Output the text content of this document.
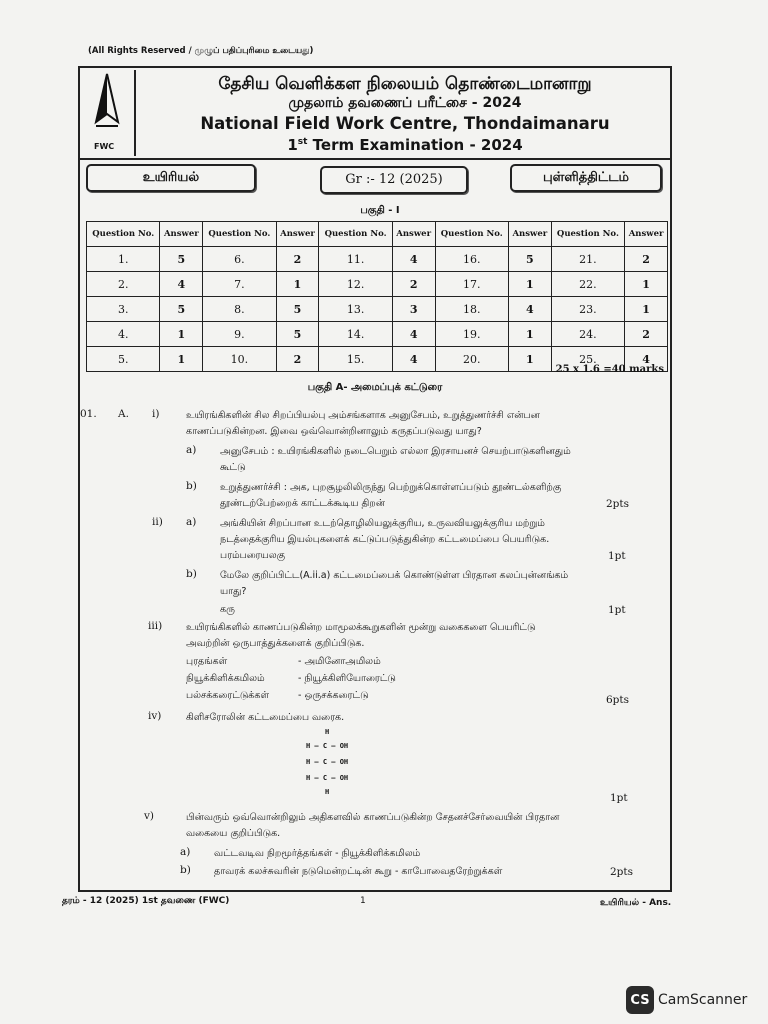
(All Rights Reserved / முழுப் பதிப்புரிமை உடையது)
FWC
தேசிய வெளிக்கள நிலையம் தொண்டைமானாறு
முதலாம் தவணைப் பரீட்சை - 2024
National Field Work Centre, Thondaimanaru
1st Term Examination - 2024
உயிரியல்	Gr :- 12 (2025)	புள்ளித்திட்டம்
பகுதி - I
Question No.	Answer	Question No.	Answer	Question No.	Answer	Question No.	Answer	Question No.	Answer
1.	5	6.	2	11.	4	16.	5	21.	2
2.	4	7.	1	12.	2	17.	1	22.	1
3.	5	8.	5	13.	3	18.	4	23.	1
4.	1	9.	5	14.	4	19.	1	24.	2
5.	1	10.	2	15.	4	20.	1	25.	4
25 x 1.6 =40 marks
பகுதி A- அமைப்புக் கட்டுரை
01. A. i)	உயிரங்கிகளின் சில சிறப்பியல்பு அம்சங்களாக அனுசேபம், உறுத்துணர்ச்சி என்பன
காணப்படுகின்றன. இவை ஒவ்வொன்றினாலும் கருதப்படுவது யாது?
a) அனுசேபம் : உயிரங்கிகளில் நடைபெறும் எல்லா இரசாயனச் செயற்பாடுகளினதும்
கூட்டு
b) உறுத்துணர்ச்சி : அக, புறசூழலிலிருந்து பெற்றுக்கொள்ளப்படும் தூண்டல்களிற்கு
தூண்டற்பேற்றைக் காட்டக்கூடிய திறன்	2pts
ii) a) அங்கியின் சிறப்பான உடற்தொழிலியலுக்குரிய, உருவவியலுக்குரிய மற்றும்
நடத்தைக்குரிய இயல்புகளைக் கட்டுப்படுத்துகின்ற கட்டமைப்பை பெயரிடுக.
பரம்பரையலகு	1pt
b) மேலே குறிப்பிட்ட(A.ii.a) கட்டமைப்பைக் கொண்டுள்ள பிரதான கலப்புன்னங்கம்
யாது?
கரு	1pt
iii)	உயிரங்கிகளில் காணப்படுகின்ற மாமூலக்கூறுகளின் மூன்று வகைகளை பெயரிட்டு
அவற்றின் ஒருபாத்துக்களைக் குறிப்பிடுக.
புரதங்கள்	- அமினோஅமிலம்
நியூக்கிளிக்கமிலம்	- நியூக்கிளியோரைட்டு
பல்சக்கரைட்டுக்கள்	- ஒருசக்கரைட்டு	6pts
iv)	கிளிசரோலின் கட்டமைப்பை வரைக.
H
H — C — OH
H — C — OH
H — C — OH
H	1pt
v)	பின்வரும் ஒவ்வொன்றிலும் அதிகளவில் காணப்படுகின்ற சேதனச்சேர்வையின் பிரதான
வகையை குறிப்பிடுக.
a) வட்டவடிவ நிறமூர்த்தங்கள் - நியூக்கிளிக்கமிலம்
b) தாவரக் கலச்சுவரின் நடுமென்றட்டின் கூறு - காபோவைதரேற்றுக்கள்	2pts
தரம் - 12 (2025) 1st தவணை (FWC)	1	உயிரியல் - Ans.
CS CamScanner
